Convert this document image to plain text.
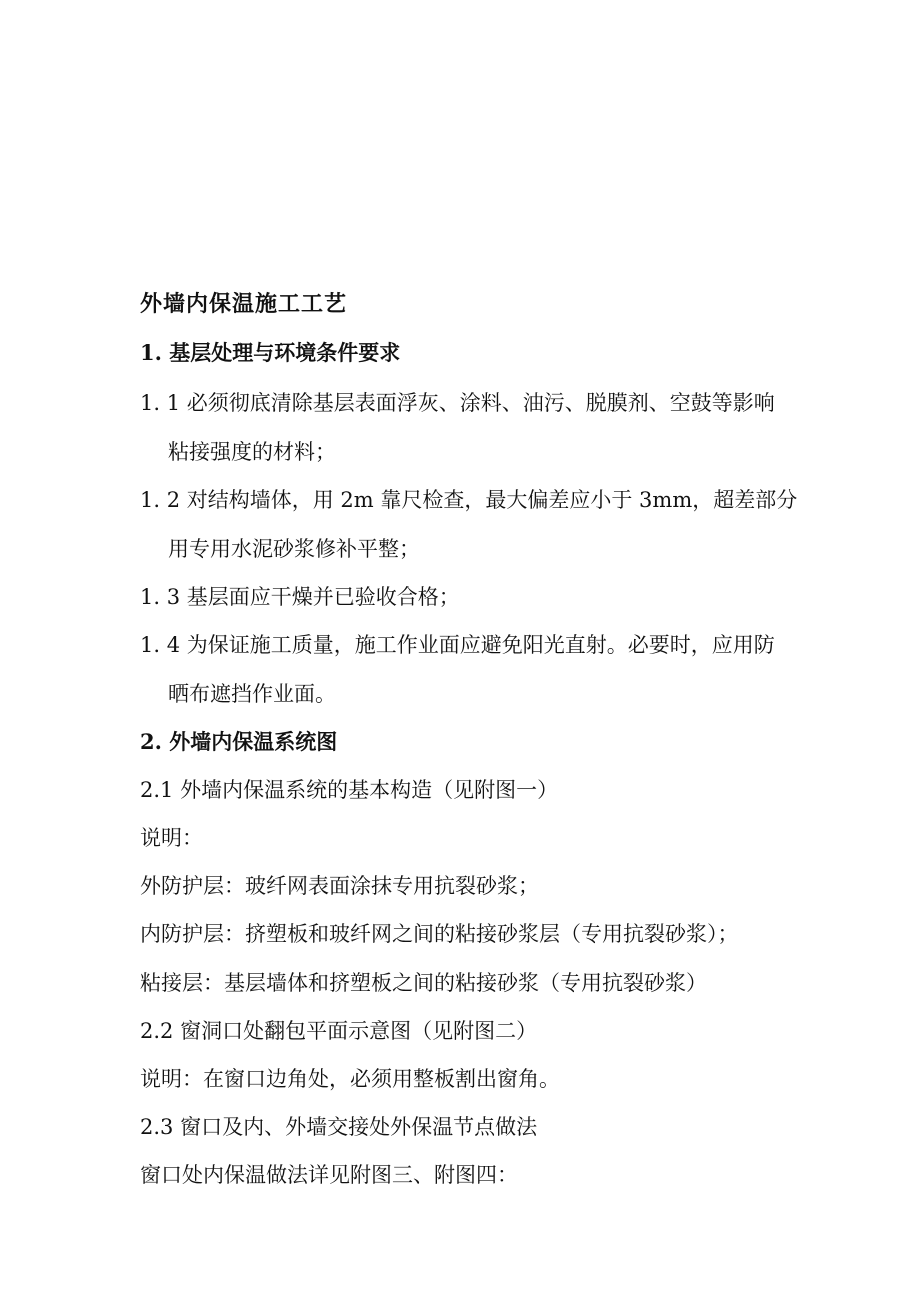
外墙内保温施工工艺
1. 基层处理与环境条件要求
1. 1 必须彻底清除基层表面浮灰、涂料、油污、脱膜剂、空鼓等影响
粘接强度的材料；
1. 2 对结构墙体，用 2m 靠尺检查，最大偏差应小于 3mm，超差部分
用专用水泥砂浆修补平整；
1. 3 基层面应干燥并已验收合格；
1. 4 为保证施工质量，施工作业面应避免阳光直射。必要时，应用防
晒布遮挡作业面。
2. 外墙内保温系统图
2.1 外墙内保温系统的基本构造（见附图一）
说明：
外防护层：玻纤网表面涂抹专用抗裂砂浆；
内防护层：挤塑板和玻纤网之间的粘接砂浆层（专用抗裂砂浆）；
粘接层：基层墙体和挤塑板之间的粘接砂浆（专用抗裂砂浆）
2.2 窗洞口处翻包平面示意图（见附图二）
说明：在窗口边角处，必须用整板割出窗角。
2.3 窗口及内、外墙交接处外保温节点做法
窗口处内保温做法详见附图三、附图四：
